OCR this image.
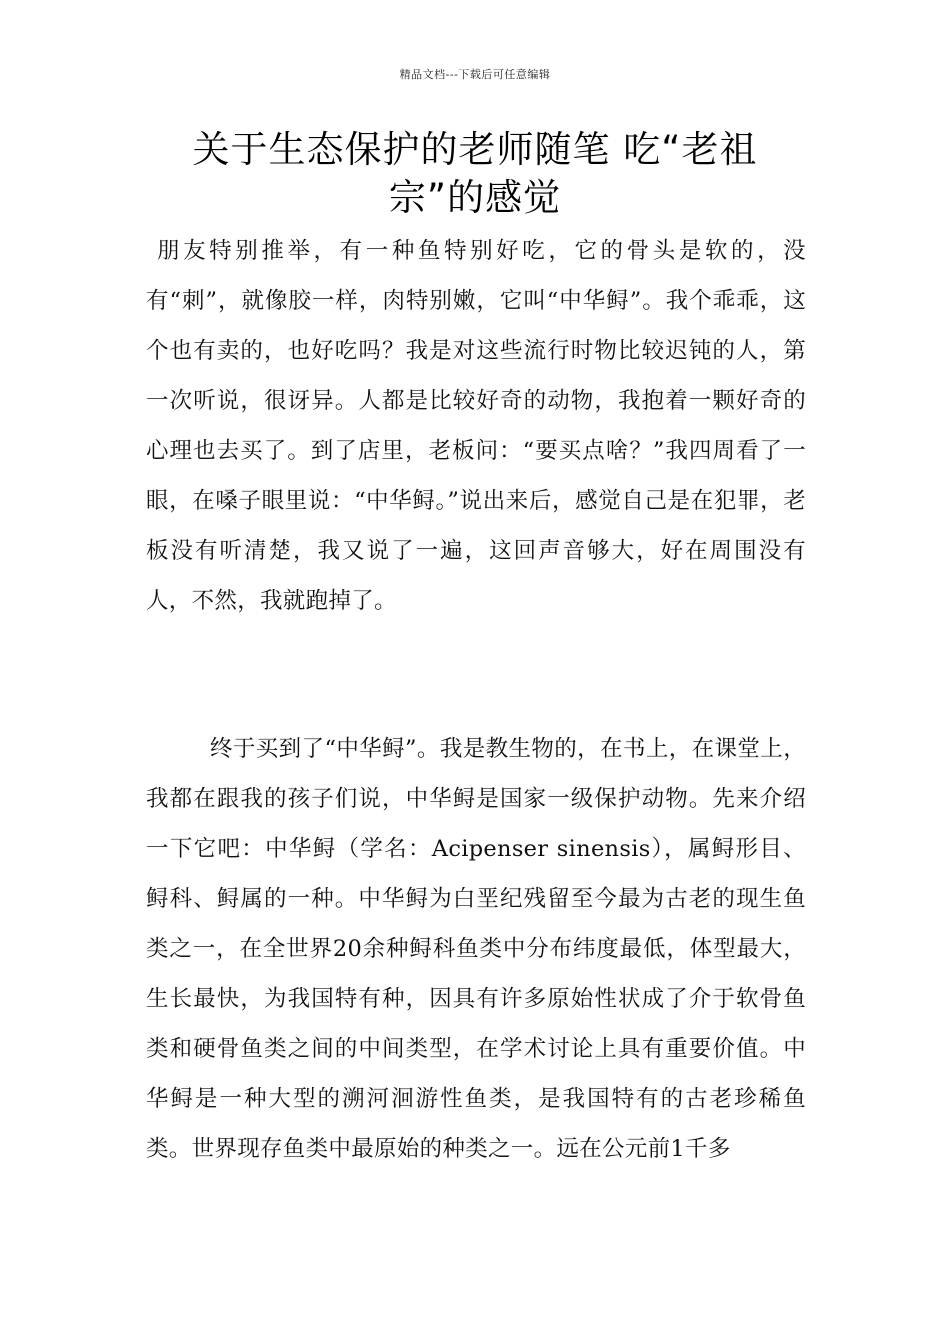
精品文档---下载后可任意编辑
关于生态保护的老师随笔 吃“老祖宗”的感觉

朋友特别推举，有一种鱼特别好吃，它的骨头是软的，没有“刺”，就像胶一样，肉特别嫩，它叫“中华鲟”。我个乖乖，这个也有卖的，也好吃吗？我是对这些流行时物比较迟钝的人，第一次听说，很讶异。人都是比较好奇的动物，我抱着一颗好奇的心理也去买了。到了店里，老板问：“要买点啥？”我四周看了一眼，在嗓子眼里说：“中华鲟。”说出来后，感觉自己是在犯罪，老板没有听清楚，我又说了一遍，这回声音够大，好在周围没有人，不然，我就跑掉了。

终于买到了“中华鲟”。我是教生物的，在书上，在课堂上，我都在跟我的孩子们说，中华鲟是国家一级保护动物。先来介绍一下它吧：中华鲟（学名：Acipenser sinensis），属鲟形目、鲟科、鲟属的一种。中华鲟为白垩纪残留至今最为古老的现生鱼类之一，在全世界20余种鲟科鱼类中分布纬度最低，体型最大，生长最快，为我国特有种，因具有许多原始性状成了介于软骨鱼类和硬骨鱼类之间的中间类型，在学术讨论上具有重要价值。中华鲟是一种大型的溯河洄游性鱼类，是我国特有的古老珍稀鱼类。世界现存鱼类中最原始的种类之一。远在公元前1千多
